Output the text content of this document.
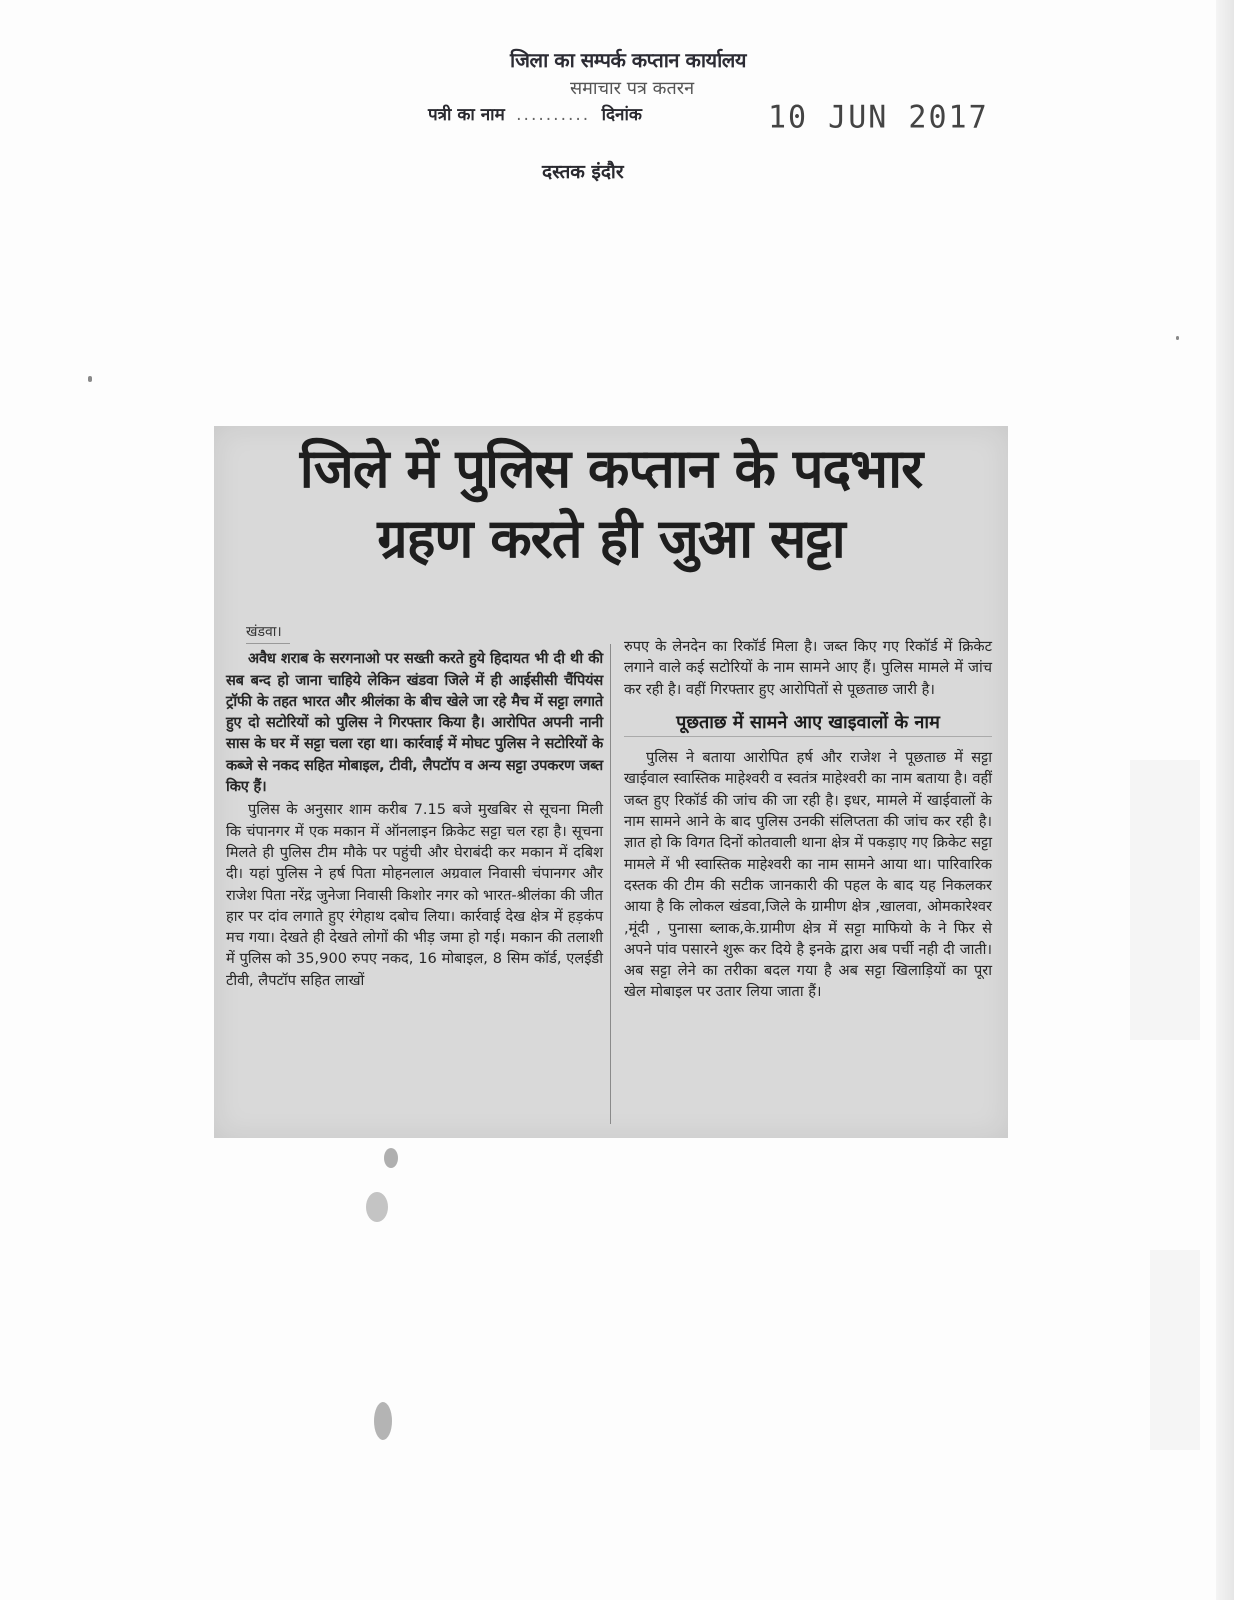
जिला का सम्पर्क कप्तान कार्यालय
समाचार पत्र कतरन
पत्री का नाम .......... दिनांक	10 JUN 2017
दस्तक इंदौर
जिले में पुलिस कप्तान के पदभार
ग्रहण करते ही जुआ सट्टा
खंडवा।

अवैध शराब के सरगनाओ पर सख्ती करते हुये हिदायत भी दी थी की सब बन्द हो जाना चाहिये लेकिन खंडवा जिले में ही आईसीसी चैंपियंस ट्रॉफी के तहत भारत और श्रीलंका के बीच खेले जा रहे मैच में सट्टा लगाते हुए दो सटोरियों को पुलिस ने गिरफ्तार किया है। आरोपित अपनी नानी सास के घर में सट्टा चला रहा था। कार्रवाई में मोघट पुलिस ने सटोरियों के कब्जे से नकद सहित मोबाइल, टीवी, लैपटॉप व अन्य सट्टा उपकरण जब्त किए हैं।

पुलिस के अनुसार शाम करीब 7.15 बजे मुखबिर से सूचना मिली कि चंपानगर में एक मकान में ऑनलाइन क्रिकेट सट्टा चल रहा है। सूचना मिलते ही पुलिस टीम मौके पर पहुंची और घेराबंदी कर मकान में दबिश दी। यहां पुलिस ने हर्ष पिता मोहनलाल अग्रवाल निवासी चंपानगर और राजेश पिता नरेंद्र जुनेजा निवासी किशोर नगर को भारत-श्रीलंका की जीत हार पर दांव लगाते हुए रंगेहाथ दबोच लिया। कार्रवाई देख क्षेत्र में हड़कंप मच गया। देखते ही देखते लोगों की भीड़ जमा हो गई। मकान की तलाशी में पुलिस को 35,900 रुपए नकद, 16 मोबाइल, 8 सिम कॉर्ड, एलईडी टीवी, लैपटॉप सहित लाखों

रुपए के लेनदेन का रिकॉर्ड मिला है। जब्त किए गए रिकॉर्ड में क्रिकेट लगाने वाले कई सटोरियों के नाम सामने आए हैं। पुलिस मामले में जांच कर रही है। वहीं गिरफ्तार हुए आरोपितों से पूछताछ जारी है।

पूछताछ में सामने आए खाइवालों के नाम

पुलिस ने बताया आरोपित हर्ष और राजेश ने पूछताछ में सट्टा खाईवाल स्वास्तिक माहेश्वरी व स्वतंत्र माहेश्वरी का नाम बताया है। वहीं जब्त हुए रिकॉर्ड की जांच की जा रही है। इधर, मामले में खाईवालों के नाम सामने आने के बाद पुलिस उनकी संलिप्तता की जांच कर रही है। ज्ञात हो कि विगत दिनों कोतवाली थाना क्षेत्र में पकड़ाए गए क्रिकेट सट्टा मामले में भी स्वास्तिक माहेश्वरी का नाम सामने आया था। पारिवारिक दस्तक की टीम की सटीक जानकारी की पहल के बाद यह निकलकर आया है कि लोकल खंडवा,जिले के ग्रामीण क्षेत्र ,खालवा, ओमकारेश्वर ,मूंदी , पुनासा ब्लाक,के.ग्रामीण क्षेत्र में सट्टा माफियो के ने फिर से अपने पांव पसारने शुरू कर दिये है इनके द्वारा अब पर्ची नही दी जाती। अब सट्टा लेने का तरीका बदल गया है अब सट्टा खिलाड़ियों का पूरा खेल मोबाइल पर उतार लिया जाता हैं।
